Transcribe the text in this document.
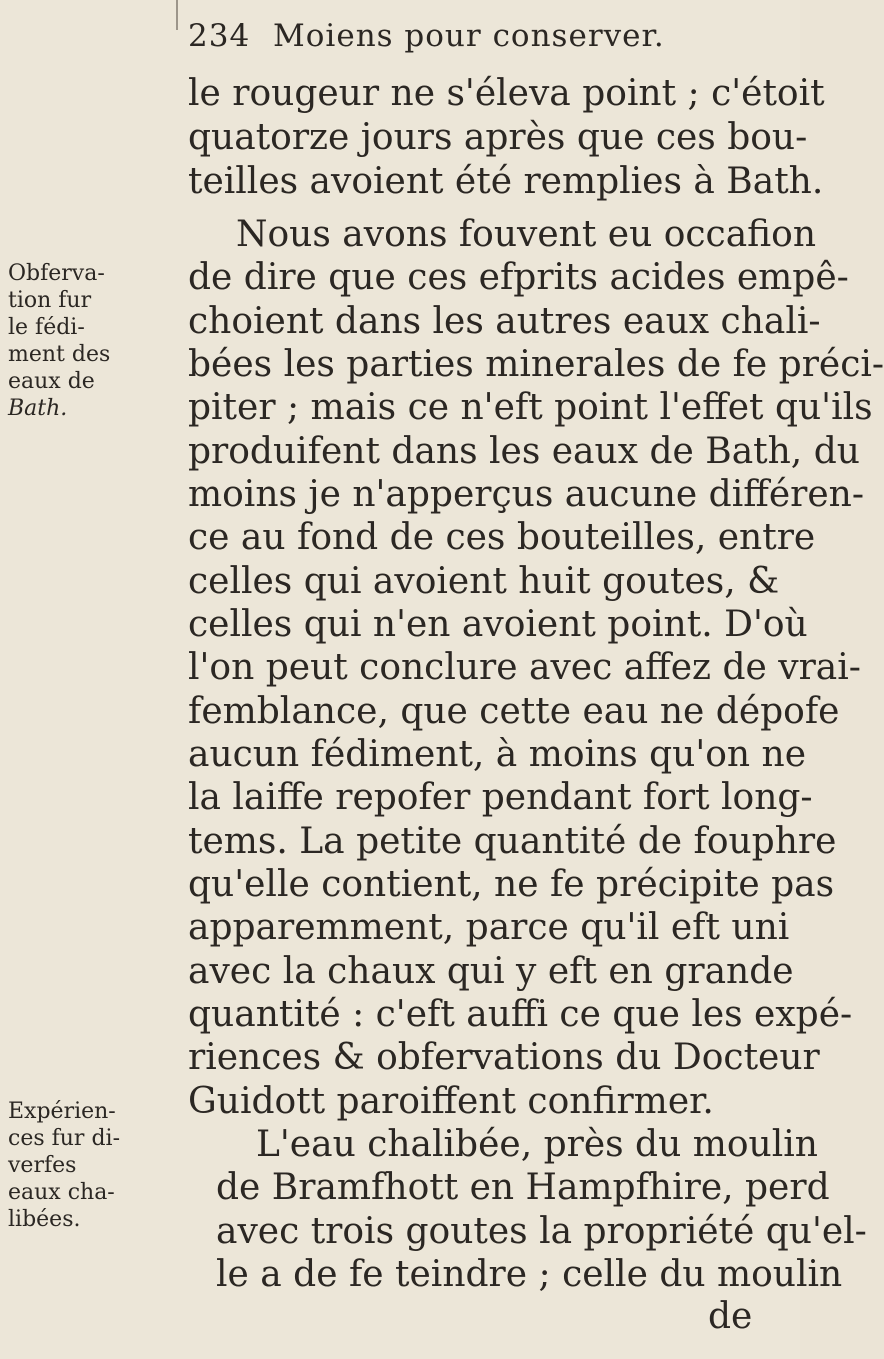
234 Moiens pour conserver.
Obferva-
tion fur
le fédi-
ment des
eaux de
Bath.
Expérien-
ces fur di-
verfes
eaux cha-
libées.
le rougeur ne s'éleva point ; c'étoit
quatorze jours après que ces bou-
teilles avoient été remplies à Bath.
Nous avons fouvent eu occafion
de dire que ces efprits acides empê-
choient dans les autres eaux chali-
bées les parties minerales de fe préci-
piter ; mais ce n'eft point l'effet qu'ils
produifent dans les eaux de Bath, du
moins je n'apperçus aucune différen-
ce au fond de ces bouteilles, entre
celles qui avoient huit goutes, &
celles qui n'en avoient point. D'où
l'on peut conclure avec affez de vrai-
femblance, que cette eau ne dépofe
aucun fédiment, à moins qu'on ne
la laiffe repofer pendant fort long-
tems. La petite quantité de fouphre
qu'elle contient, ne fe précipite pas
apparemment, parce qu'il eft uni
avec la chaux qui y eft en grande
quantité : c'eft auffi ce que les expé-
riences & obfervations du Docteur
Guidott paroiffent confirmer.
L'eau chalibée, près du moulin
de Bramfhott en Hampfhire, perd
avec trois goutes la propriété qu'el-
le a de fe teindre ; celle du moulin
de
